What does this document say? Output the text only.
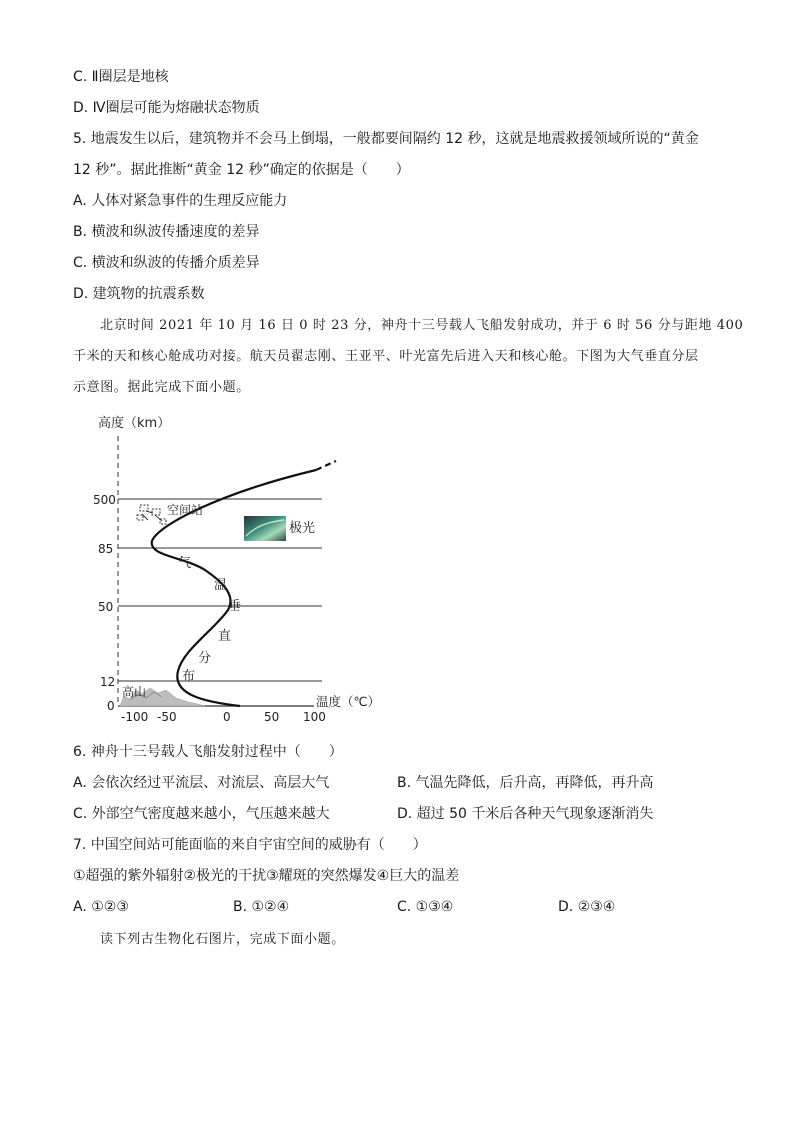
C. Ⅱ圈层是地核
D. Ⅳ圈层可能为熔融状态物质
5. 地震发生以后，建筑物并不会马上倒塌，一般都要间隔约 12 秒，这就是地震救援领域所说的“黄金
12 秒”。据此推断“黄金 12 秒”确定的依据是（　　）
A. 人体对紧急事件的生理反应能力
B. 横波和纵波传播速度的差异
C. 横波和纵波的传播介质差异
D. 建筑物的抗震系数
北京时间 2021 年 10 月 16 日 0 时 23 分，神舟十三号载人飞船发射成功，并于 6 时 56 分与距地 400
千米的天和核心舱成功对接。航天员翟志刚、王亚平、叶光富先后进入天和核心舱。下图为大气垂直分层
示意图。据此完成下面小题。
高度（km）
500
85
50
12
0
高山
气
温
垂
直
分
布
空间站
极光
-100 -50	0	50 100
温度（℃）
6. 神舟十三号载人飞船发射过程中（　　）
A. 会依次经过平流层、对流层、高层大气	B. 气温先降低，后升高，再降低，再升高
C. 外部空气密度越来越小，气压越来越大	D. 超过 50 千米后各种天气现象逐渐消失
7. 中国空间站可能面临的来自宇宙空间的威胁有（　　）
①超强的紫外辐射②极光的干扰③耀斑的突然爆发④巨大的温差
A. ①②③	B. ①②④	C. ①③④	D. ②③④
读下列古生物化石图片，完成下面小题。
